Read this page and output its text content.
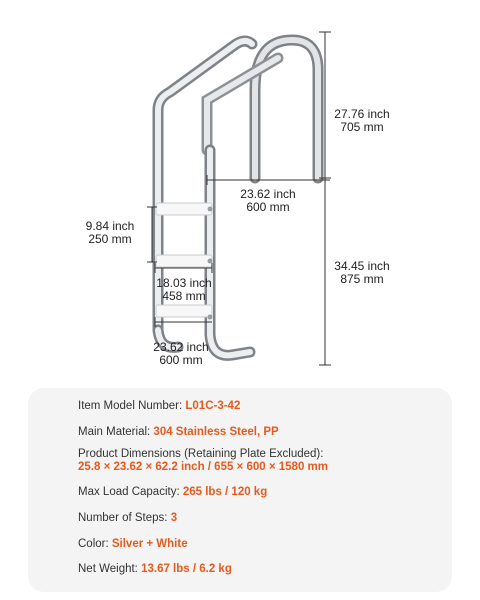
27.76 inch
705 mm
23.62 inch
600 mm
9.84 inch
250 mm
18.03 inch
458 mm
23.62 inch
600 mm
34.45 inch
875 mm
Item Model Number: L01C-3-42
Main Material: 304 Stainless Steel, PP
Product Dimensions (Retaining Plate Excluded):
25.8 × 23.62 × 62.2 inch / 655 × 600 × 1580 mm
Max Load Capacity: 265 lbs / 120 kg
Number of Steps: 3
Color: Silver + White
Net Weight: 13.67 lbs / 6.2 kg
